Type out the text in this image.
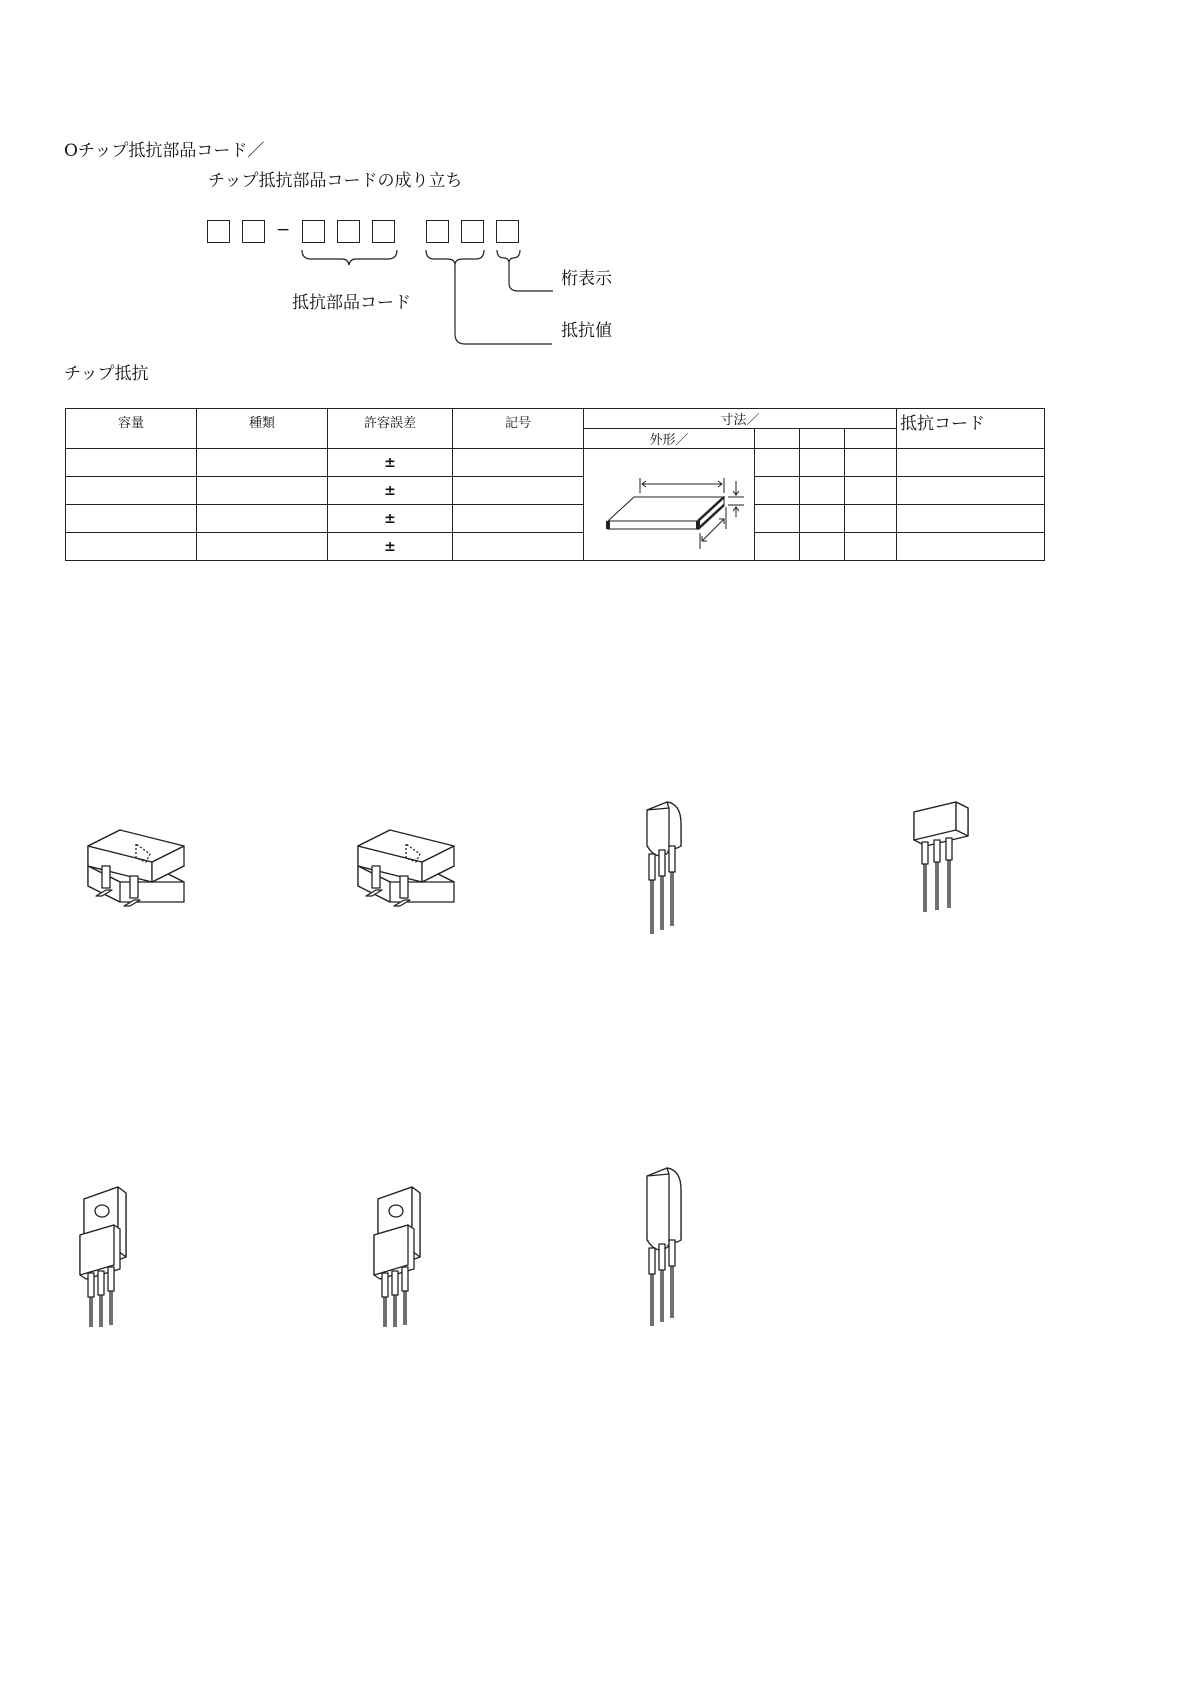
Oチップ抵抗部品コード／
チップ抵抗部品コードの成り立ち
−
抵抗部品コード
桁表示
抵抗値
チップ抵抗
容量	種類	許容誤差	記号	寸法／				抵抗コード
				外形／				
		±		

		±						
		±						
		±						
